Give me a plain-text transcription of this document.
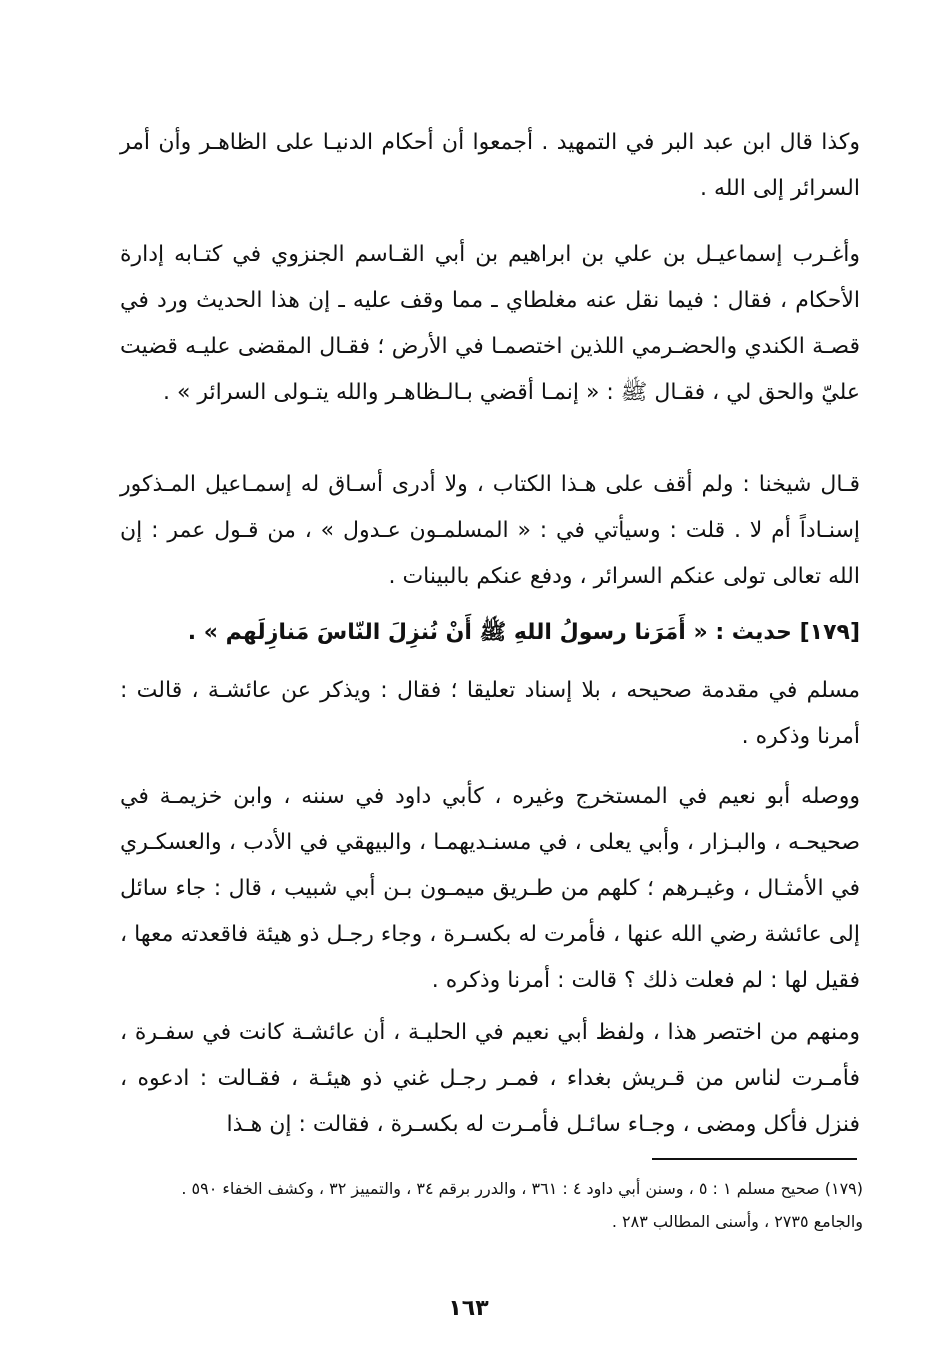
وكذا قال ابن عبد البر في التمهيد . أجمعوا أن أحكام الدنيـا على الظاهـر وأن أمر السرائر إلى الله .

وأغـرب إسماعيـل بن علي بن ابراهيم بن أبي القـاسم الجنزوي في كتـابه إدارة الأحكام ، فقال : فيما نقل عنه مغلطاي ـ مما وقف عليه ـ إن هذا الحديث ورد في قصـة الكندي والحضـرمي اللذين اختصمـا في الأرض ؛ فقـال المقضى عليـه قضيت عليّ والحق لي ، فقـال ﷺ : « إنمـا أقضي بـالـظاهـر والله يتـولى السرائر » .

قـال شيخنا : ولم أقف على هـذا الكتاب ، ولا أدرى أسـاق له إسمـاعيل المـذكور إسنـاداً أم لا . قلت : وسيأتي في : « المسلمـون عـدول » ، من قـول عمر : إن الله تعالى تولى عنكم السرائر ، ودفع عنكم بالبينات .

[١٧٩] حديث : « أَمَرَنا رسولُ اللهِ ﷺ أَنْ نُنزِلَ النّاسَ مَنازِلَهم » .

مسلم في مقدمة صحيحه ، بلا إسناد تعليقا ؛ فقال : ويذكر عن عائشـة ، قالت : أمرنا وذكره .

ووصله أبو نعيم في المستخرج وغيره ، كأبي داود في سننه ، وابن خزيمـة في صحيحـه ، والبـزار ، وأبي يعلى ، في مسنـديهمـا ، والبيهقي في الأدب ، والعسكـري في الأمثـال ، وغيـرهم ؛ كلهم من طـريق ميمـون بـن أبي شبيب ، قال : جاء سائل إلى عائشة رضي الله عنها ، فأمرت له بكسـرة ، وجاء رجـل ذو هيئة فاقعدته معها ، فقيل لها : لم فعلت ذلك ؟ قالت : أمرنا وذكره .

ومنهم من اختصر هذا ، ولفظ أبي نعيم في الحليـة ، أن عائشـة كانت في سفـرة ، فأمـرت لناس من قـريش بغداء ، فمـر رجـل غني ذو هيئـة ، فقـالت : ادعوه ، فنزل فأكل ومضى ، وجـاء سائـل فأمـرت له بكسـرة ، فقالت : إن هـذا

(١٧٩) صحيح مسلم ١ : ٥ ، وسنن أبي داود ٤ : ٣٦١ ، والدرر برقم ٣٤ ، والتمييز ٣٢ ، وكشف الخفاء ٥٩٠ . والجامع ٢٧٣٥ ، وأسنى المطالب ٢٨٣ .
١٦٣
